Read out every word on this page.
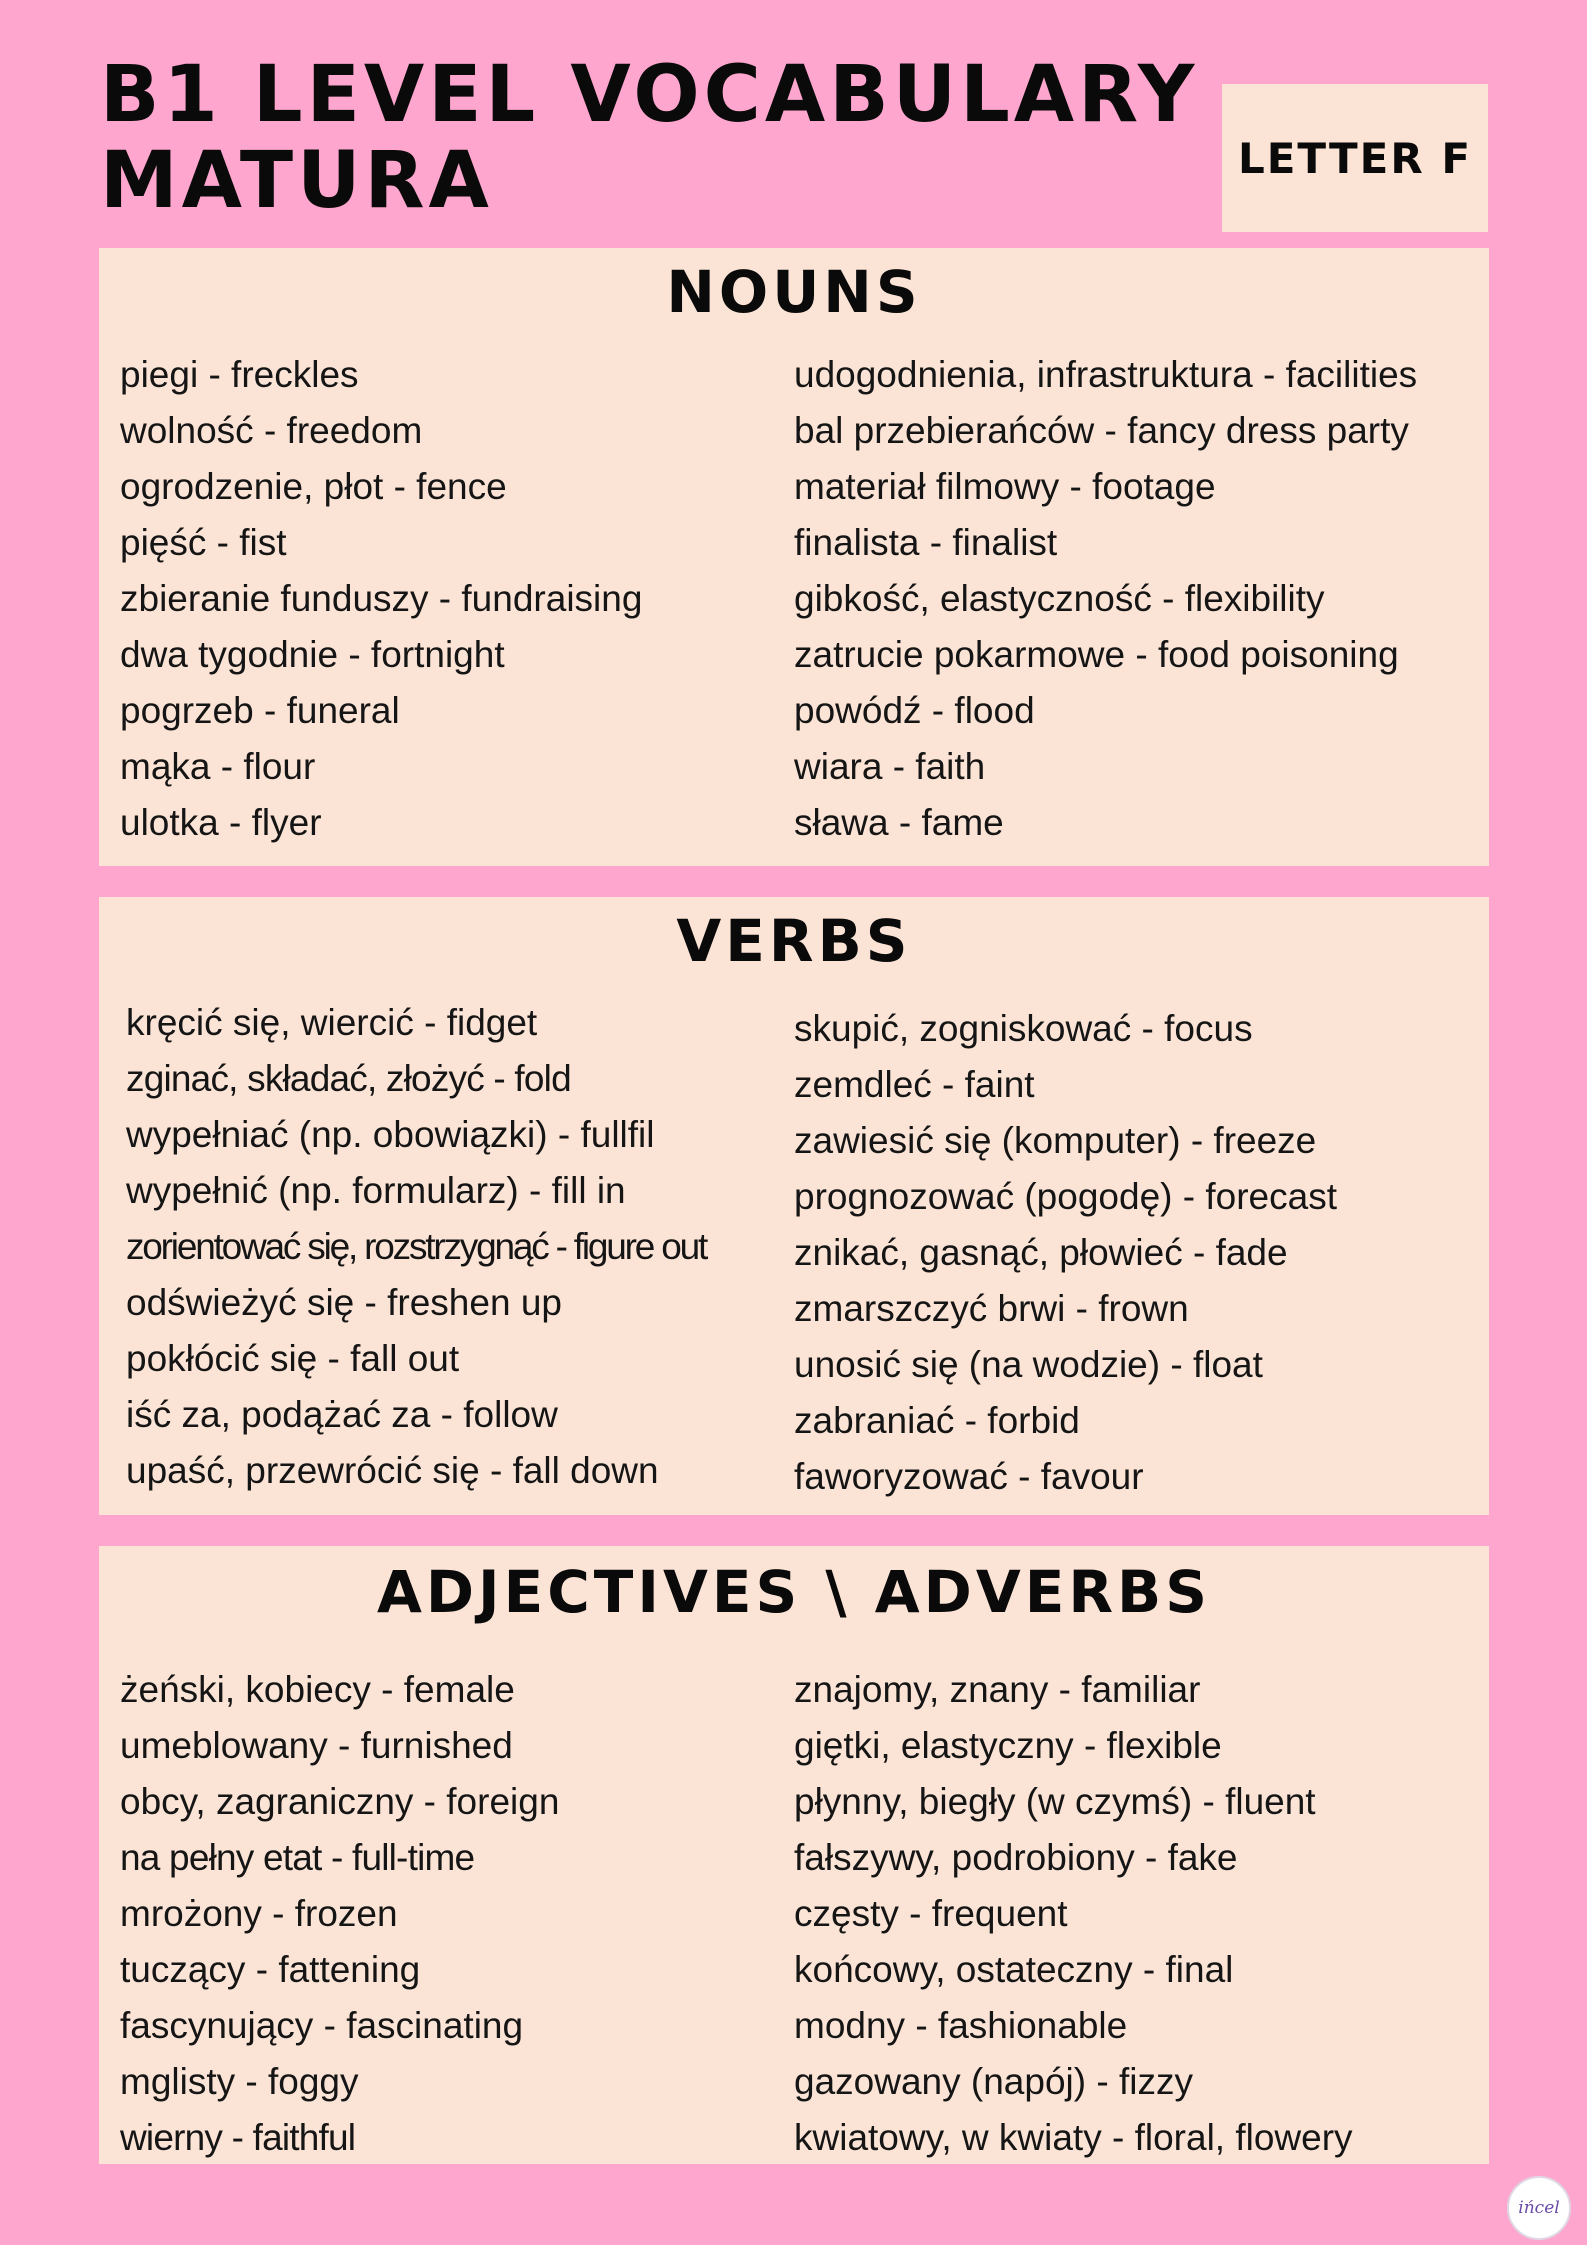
B1 LEVEL VOCABULARY
MATURA	LETTER F
NOUNS
piegi - freckles
wolność - freedom
ogrodzenie, płot - fence
pięść - fist
zbieranie funduszy - fundraising
dwa tygodnie - fortnight
pogrzeb - funeral
mąka - flour
ulotka - flyer
udogodnienia, infrastruktura - facilities
bal przebierańców - fancy dress party
materiał filmowy - footage
finalista - finalist
gibkość, elastyczność - flexibility
zatrucie pokarmowe - food poisoning
powódź - flood
wiara - faith
sława - fame
VERBS
kręcić się, wiercić - fidget
zginać, składać, złożyć - fold
wypełniać (np. obowiązki) - fullfil
wypełnić (np. formularz) - fill in
zorientować się, rozstrzygnąć - figure out
odświeżyć się - freshen up
pokłócić się - fall out
iść za, podążać za - follow
upaść, przewrócić się - fall down
skupić, zogniskować - focus
zemdleć - faint
zawiesić się (komputer) - freeze
prognozować (pogodę) - forecast
znikać, gasnąć, płowieć - fade
zmarszczyć brwi - frown
unosić się (na wodzie) - float
zabraniać - forbid
faworyzować - favour
ADJECTIVES \ ADVERBS
żeński, kobiecy - female
umeblowany - furnished
obcy, zagraniczny - foreign
na pełny etat - full-time
mrożony - frozen
tuczący - fattening
fascynujący - fascinating
mglisty - foggy
wierny - faithful
znajomy, znany - familiar
giętki, elastyczny - flexible
płynny, biegły (w czymś) - fluent
fałszywy, podrobiony - fake
częsty - frequent
końcowy, ostateczny - final
modny - fashionable
gazowany (napój) - fizzy
kwiatowy, w kwiaty - floral, flowery
ińcel
